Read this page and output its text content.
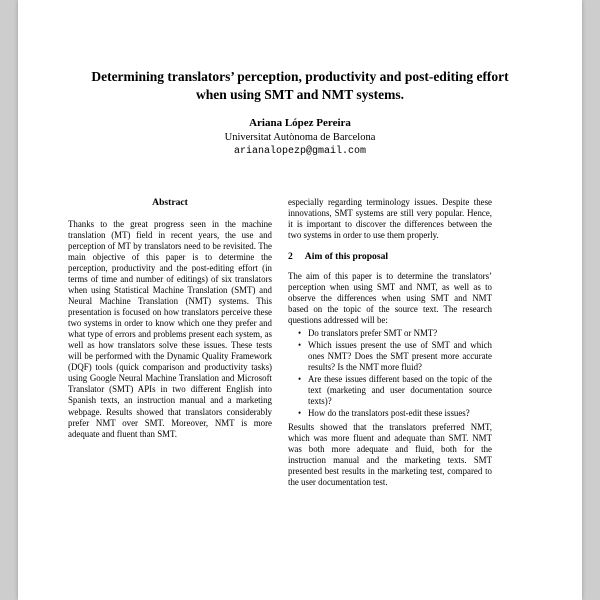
Determining translators’ perception, productivity and post-editing effort when using SMT and NMT systems.
Ariana López Pereira
Universitat Autònoma de Barcelona
arianalopezp@gmail.com
Abstract

Thanks to the great progress seen in the machine translation (MT) field in recent years, the use and perception of MT by translators need to be revisited. The main objective of this paper is to determine the perception, productivity and the post-editing effort (in terms of time and number of editings) of six translators when using Statistical Machine Translation (SMT) and Neural Machine Translation (NMT) systems. This presentation is focused on how translators perceive these two systems in order to know which one they prefer and what type of errors and problems present each system, as well as how translators solve these issues. These tests will be performed with the Dynamic Quality Framework (DQF) tools (quick comparison and productivity tasks) using Google Neural Machine Translation and Microsoft Translator (SMT) APIs in two different English into Spanish texts, an instruction manual and a marketing webpage. Results showed that translators considerably prefer NMT over SMT. Moreover, NMT is more adequate and fluent than SMT.

especially regarding terminology issues. Despite these innovations, SMT systems are still very popular. Hence, it is important to discover the differences between the two systems in order to use them properly.

2 Aim of this proposal

The aim of this paper is to determine the translators’ perception when using SMT and NMT, as well as to observe the differences when using SMT and NMT based on the topic of the source text. The research questions addressed will be:

• Do translators prefer SMT or NMT?
• Which issues present the use of SMT and which ones NMT? Does the SMT present more accurate results? Is the NMT more fluid?
• Are these issues different based on the topic of the text (marketing and user documentation source texts)?
• How do the translators post-edit these issues?

Results showed that the translators preferred NMT, which was more fluent and adequate than SMT. NMT was both more adequate and fluid, both for the instruction manual and the marketing texts. SMT presented best results in the marketing test, compared to the user documentation test.
